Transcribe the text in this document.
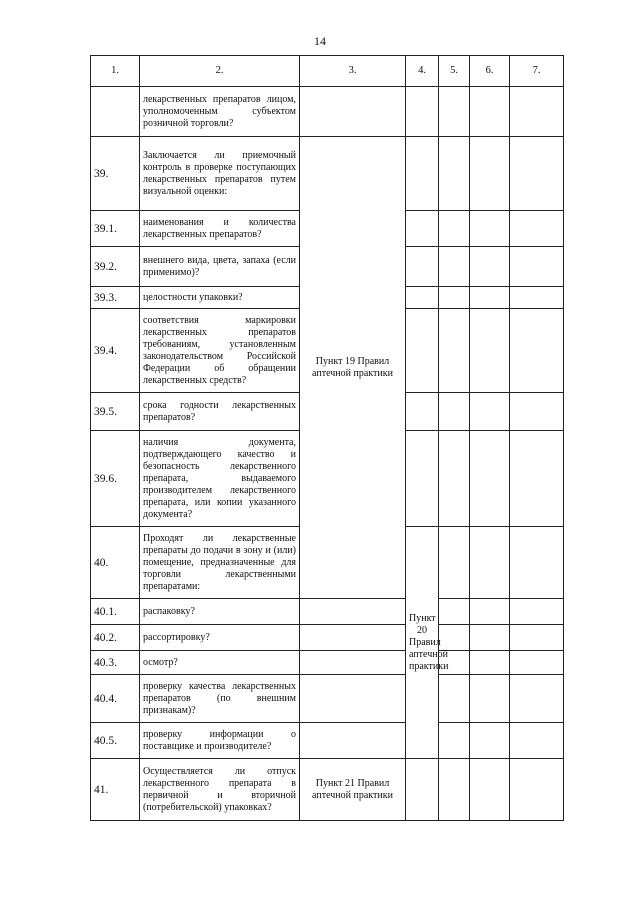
14
1.	2.	3.	4.	5.	6.	7.	
	лекарственных препаратов лицом, уполномоченным субъектом розничной торговли?						
39.	Заключается ли приемочный контроль в проверке поступающих лекарственных препаратов путем визуальной оценки:	Пункт 19 Правил аптечной практики					
39.1.	наименования и количества лекарственных препаратов?						
39.2.	внешнего вида, цвета, запаха (если применимо)?						
39.3.	целостности упаковки?						
39.4.	соответствия маркировки лекарственных препаратов требованиям, установленным законодательством Российской Федерации об обращении лекарственных средств?						
39.5.	срока годности лекарственных препаратов?						
39.6.	наличия документа, подтверждающего качество и безопасность лекарственного препарата, выдаваемого производителем лекарственного препарата, или копии указанного документа?						
40.	Проходят ли лекарственные препараты до подачи в зону и (или) помещение, предназначенные для торговли лекарственными препаратами:		Пункт 20 Правил аптечной практики				
40.1.	распаковку?						
40.2.	рассортировку?						
40.3.	осмотр?						
40.4.	проверку качества лекарственных препаратов (по внешним признакам)?						
40.5.	проверку информации о поставщике и производителе?						
41.	Осуществляется ли отпуск лекарственного препарата в первичной и вторичной (потребительской) упаковках?	Пункт 21 Правил аптечной практики					
